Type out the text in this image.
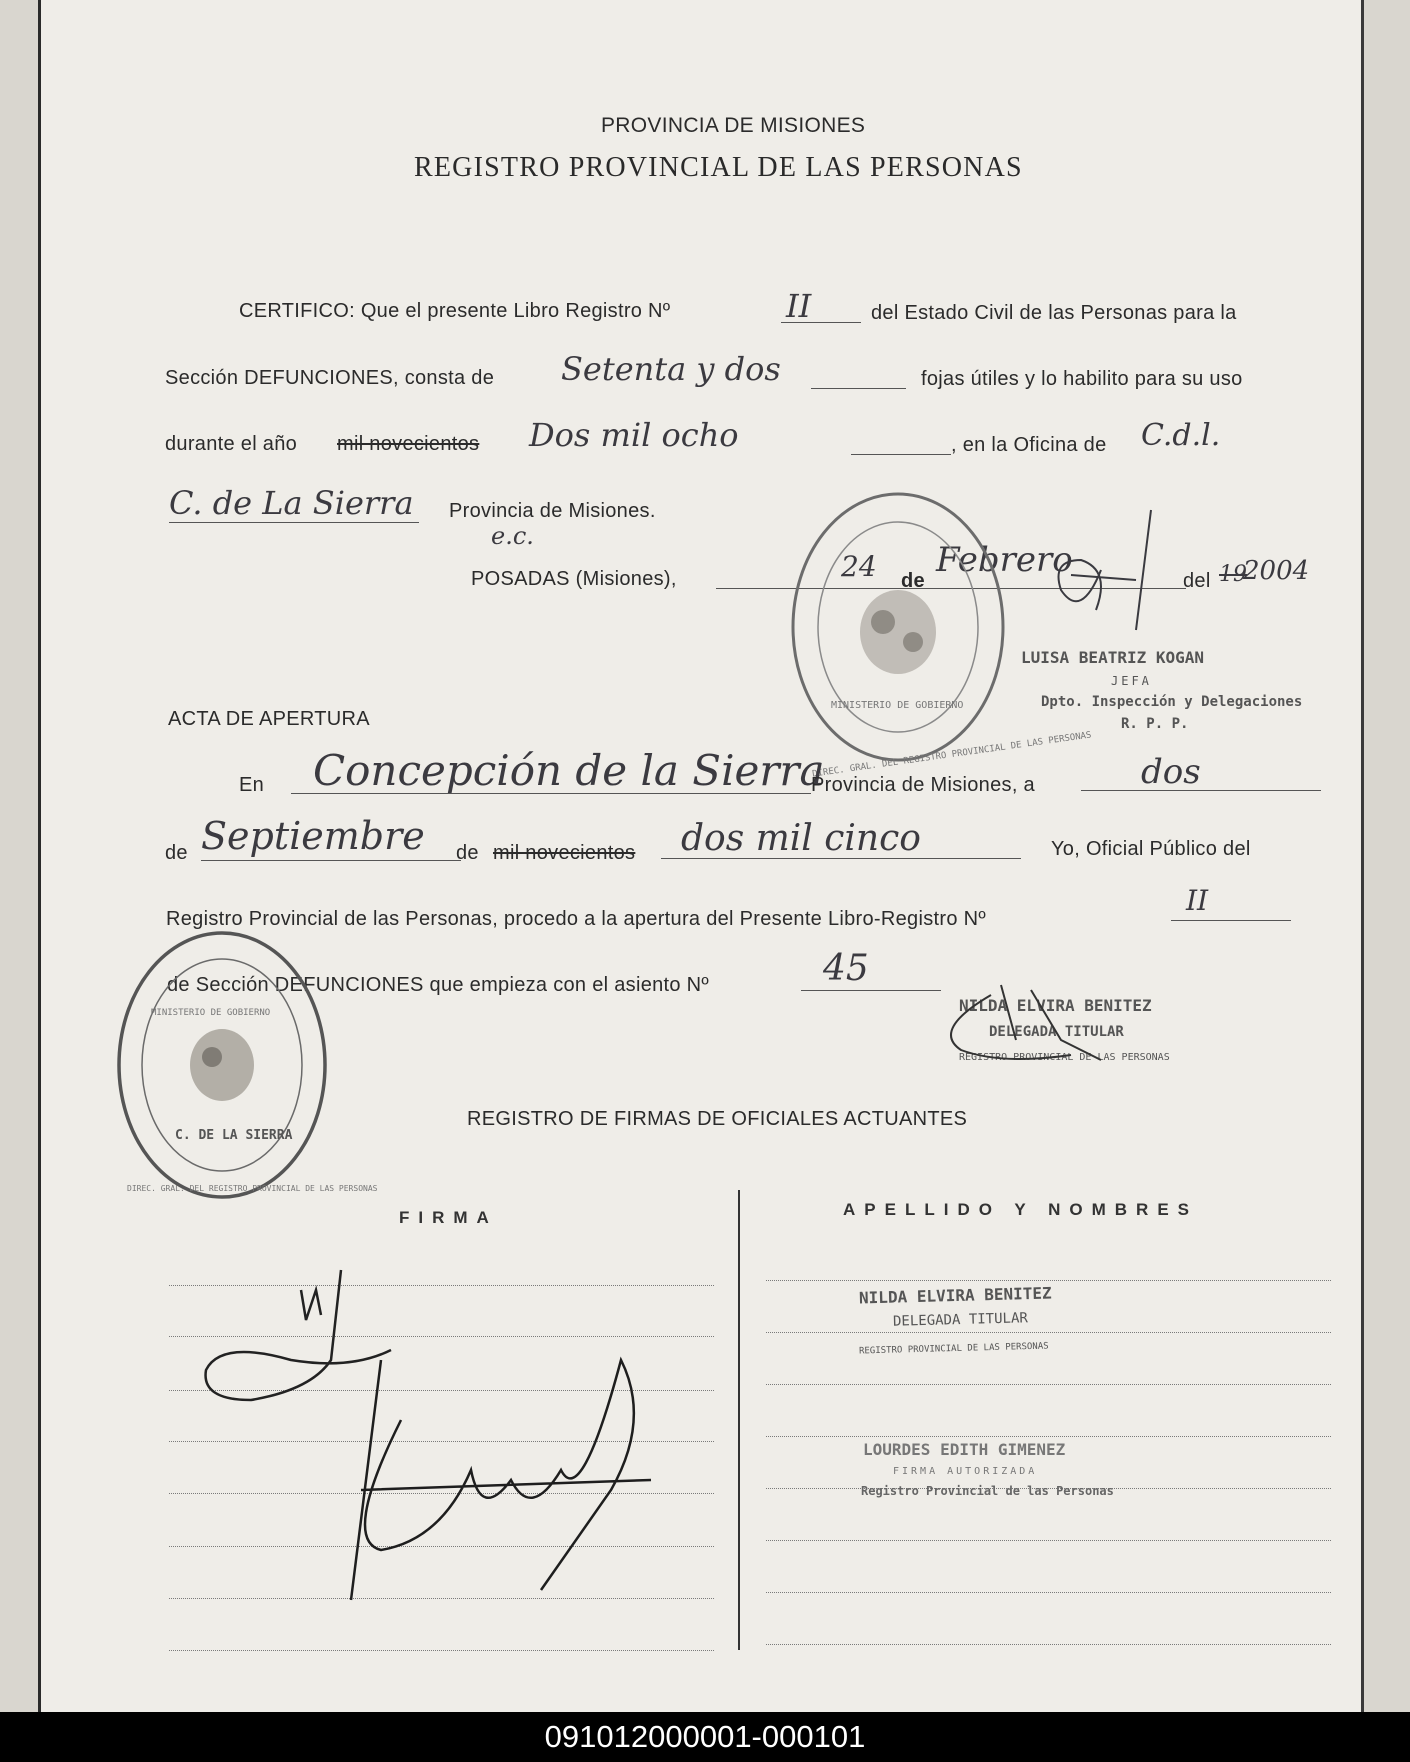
PROVINCIA DE MISIONES
REGISTRO PROVINCIAL DE LAS PERSONAS
CERTIFICO: Que el presente Libro Registro Nº	II	del Estado Civil de las Personas para la
Sección DEFUNCIONES, consta de Setenta y dos	fojas útiles y lo habilito para su uso
durante el año mil novecientos Dos mil ocho	, en la Oficina de C.d.l.
C. de La Sierra Provincia de Misiones.
e.c.
POSADAS (Misiones),	24 de
Febrero
del 19
2004
DIREC. GRAL. DEL REGISTRO PROVINCIAL DE LAS PERSONAS
MINISTERIO DE GOBIERNO
LUISA BEATRIZ KOGAN
JEFA
Dpto. Inspección y Delegaciones
R. P. P.
ACTA DE APERTURA
En Concepción de la Sierra
Provincia de Misiones, a	dos
de Septiembre de mil novecientos dos mil cinco	Yo, Oficial Público del
Registro Provincial de las Personas, procedo a la apertura del Presente Libro-Registro Nº
II
de Sección DEFUNCIONES que empieza con el asiento Nº	45
DIREC. GRAL. DEL REGISTRO PROVINCIAL DE LAS PERSONAS
MINISTERIO DE GOBIERNO
C. DE LA SIERRA
NILDA ELVIRA BENITEZ
DELEGADA TITULAR
REGISTRO PROVINCIAL DE LAS PERSONAS
REGISTRO DE FIRMAS DE OFICIALES ACTUANTES
FIRMA	APELLIDO Y NOMBRES
NILDA ELVIRA BENITEZ
DELEGADA TITULAR
REGISTRO PROVINCIAL DE LAS PERSONAS
LOURDES EDITH GIMENEZ
FIRMA AUTORIZADA
Registro Provincial de las Personas
091012000001-000101
